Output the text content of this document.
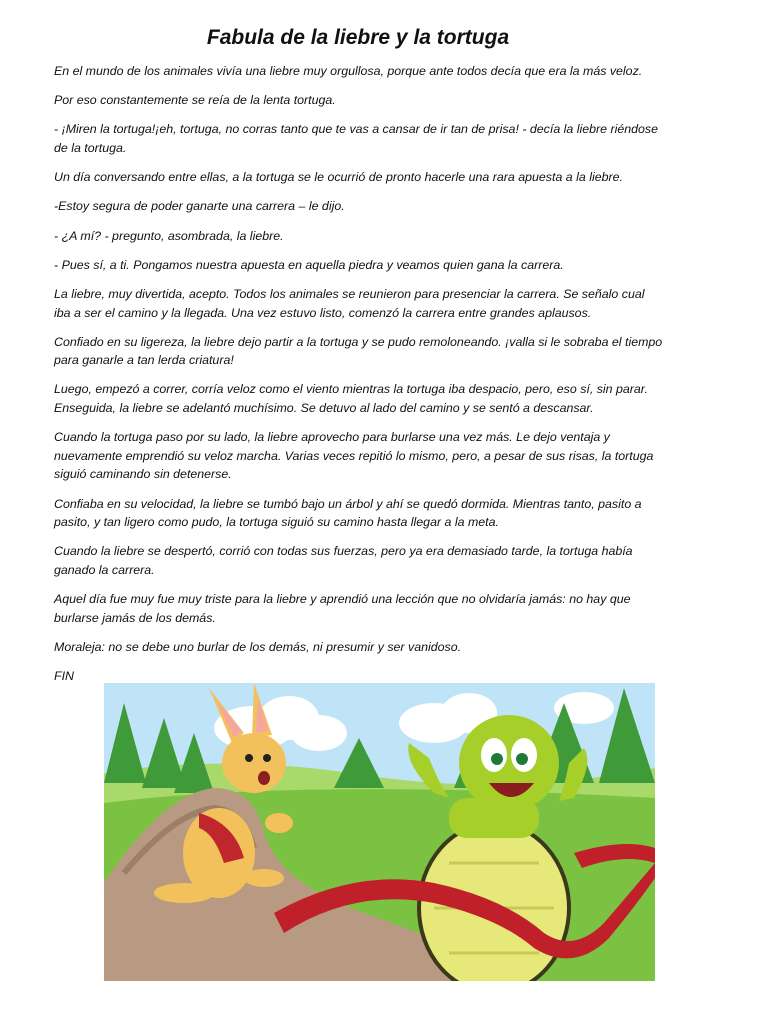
Fabula de la liebre y la tortuga

En el mundo de los animales vivía una liebre muy orgullosa, porque ante todos decía que era la más veloz.

Por eso constantemente se reía de la lenta tortuga.

- ¡Miren la tortuga!¡eh, tortuga, no corras tanto que te vas a cansar de ir tan de prisa! - decía la liebre riéndose de la tortuga.

Un día conversando entre ellas, a la tortuga se le ocurrió de pronto hacerle una rara apuesta a la liebre.

-Estoy segura de poder ganarte una carrera – le dijo.

- ¿A mí? - pregunto, asombrada, la liebre.

- Pues sí, a ti. Pongamos nuestra apuesta en aquella piedra y veamos quien gana la carrera.

La liebre, muy divertida, acepto. Todos los animales se reunieron para presenciar la carrera. Se señalo cual iba a ser el camino y la llegada. Una vez estuvo listo, comenzó la carrera entre grandes aplausos.

Confiado en su ligereza, la liebre dejo partir a la tortuga y se pudo remoloneando. ¡valla si le sobraba el tiempo para ganarle a tan lerda criatura!

Luego, empezó a correr, corría veloz como el viento mientras la tortuga iba despacio, pero, eso sí, sin parar. Enseguida, la liebre se adelantó muchísimo. Se detuvo al lado del camino y se sentó a descansar.

Cuando la tortuga paso por su lado, la liebre aprovecho para burlarse una vez más. Le dejo ventaja y nuevamente emprendió su veloz marcha. Varias veces repitió lo mismo, pero, a pesar de sus risas, la tortuga siguió caminando sin detenerse.

Confiaba en su velocidad, la liebre se tumbó bajo un árbol y ahí se quedó dormida. Mientras tanto, pasito a pasito, y tan ligero como pudo, la tortuga siguió su camino hasta llegar a la meta.

Cuando la liebre se despertó, corrió con todas sus fuerzas, pero ya era demasiado tarde, la tortuga había ganado la carrera.

Aquel día fue muy fue muy triste para la liebre y aprendió una lección que no olvidaría jamás: no hay que burlarse jamás de los demás.

Moraleja: no se debe uno burlar de los demás, ni presumir y ser vanidoso.

FIN
